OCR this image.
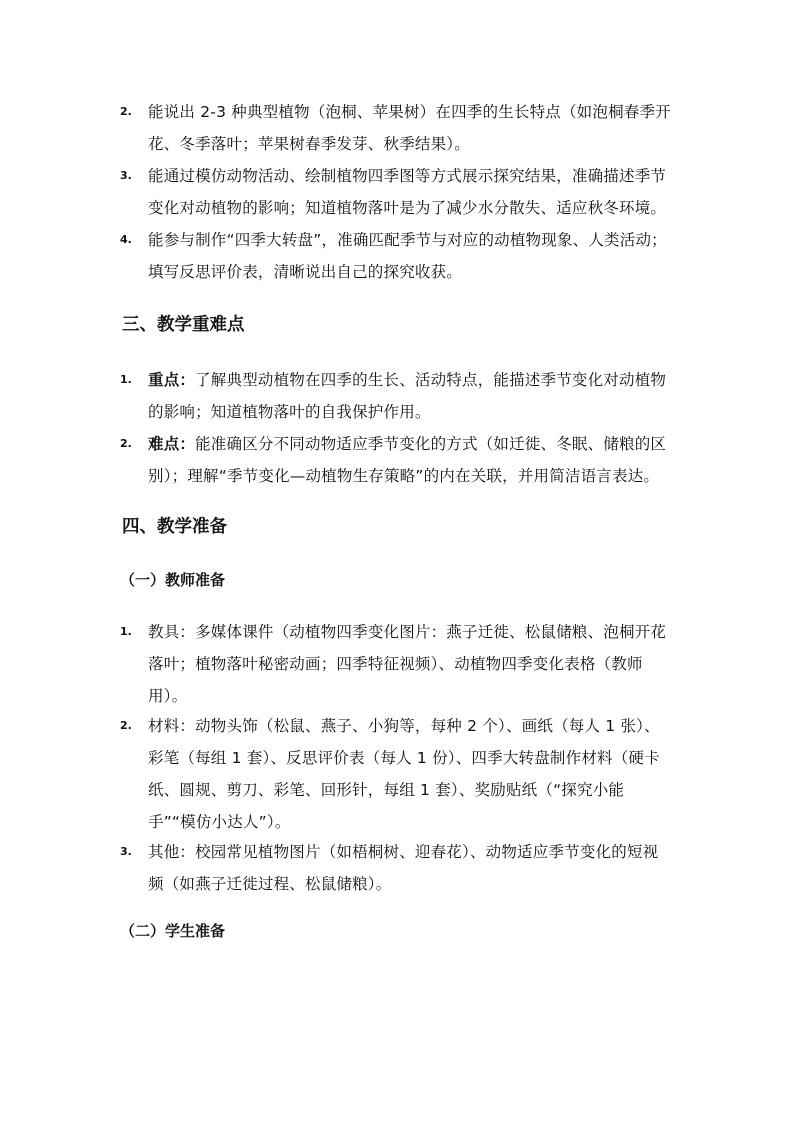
2. 能说出 2-3 种典型植物（泡桐、苹果树）在四季的生长特点（如泡桐春季开
花、冬季落叶；苹果树春季发芽、秋季结果）。
3. 能通过模仿动物活动、绘制植物四季图等方式展示探究结果，准确描述季节
变化对动植物的影响；知道植物落叶是为了减少水分散失、适应秋冬环境。
4. 能参与制作“四季大转盘”，准确匹配季节与对应的动植物现象、人类活动；
填写反思评价表，清晰说出自己的探究收获。
三、教学重难点
1. 重点：了解典型动植物在四季的生长、活动特点，能描述季节变化对动植物
的影响；知道植物落叶的自我保护作用。
2. 难点：能准确区分不同动物适应季节变化的方式（如迁徙、冬眠、储粮的区
别）；理解“季节变化—动植物生存策略”的内在关联，并用简洁语言表达。
四、教学准备
（一）教师准备
1. 教具：多媒体课件（动植物四季变化图片：燕子迁徙、松鼠储粮、泡桐开花
落叶；植物落叶秘密动画；四季特征视频）、动植物四季变化表格（教师
用）。
2. 材料：动物头饰（松鼠、燕子、小狗等，每种 2 个）、画纸（每人 1 张）、
彩笔（每组 1 套）、反思评价表（每人 1 份）、四季大转盘制作材料（硬卡
纸、圆规、剪刀、彩笔、回形针，每组 1 套）、奖励贴纸（“探究小能
手”“模仿小达人”）。
3. 其他：校园常见植物图片（如梧桐树、迎春花）、动物适应季节变化的短视
频（如燕子迁徙过程、松鼠储粮）。
（二）学生准备
